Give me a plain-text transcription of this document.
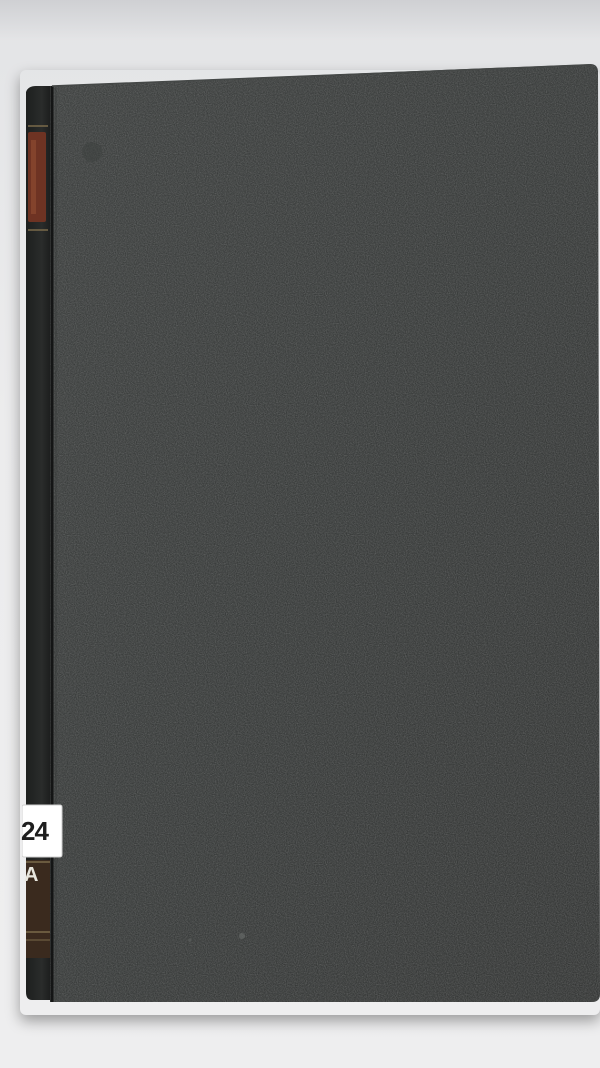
24
A
